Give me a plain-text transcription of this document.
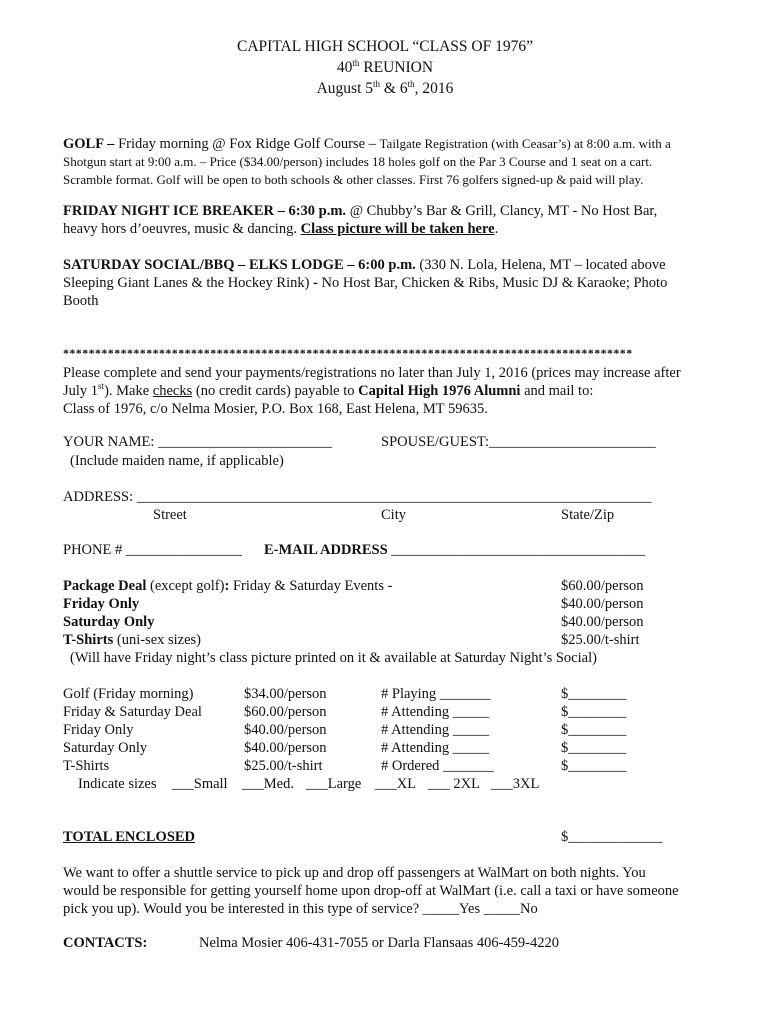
CAPITAL HIGH SCHOOL “CLASS OF 1976”
40th REUNION
August 5th & 6th, 2016
GOLF – Friday morning @ Fox Ridge Golf Course – Tailgate Registration (with Ceasar’s) at 8:00 a.m. with a
Shotgun start at 9:00 a.m. – Price ($34.00/person) includes 18 holes golf on the Par 3 Course and 1 seat on a cart.
Scramble format. Golf will be open to both schools & other classes. First 76 golfers signed-up & paid will play.
FRIDAY NIGHT ICE BREAKER – 6:30 p.m. @ Chubby’s Bar & Grill, Clancy, MT - No Host Bar,
heavy hors d’oeuvres, music & dancing. Class picture will be taken here.
SATURDAY SOCIAL/BBQ – ELKS LODGE – 6:00 p.m. (330 N. Lola, Helena, MT – located above
Sleeping Giant Lanes & the Hockey Rink) - No Host Bar, Chicken & Ribs, Music DJ & Karaoke; Photo
Booth
*****************************************************************************************
Please complete and send your payments/registrations no later than July 1, 2016 (prices may increase after
July 1st). Make checks (no credit cards) payable to Capital High 1976 Alumni and mail to:
Class of 1976, c/o Nelma Mosier, P.O. Box 168, East Helena, MT 59635.
YOUR NAME: ________________________	SPOUSE/GUEST:_______________________
(Include maiden name, if applicable)
ADDRESS: _______________________________________________________________________
Street	City	State/Zip
PHONE # ________________ E-MAIL ADDRESS ___________________________________
Package Deal (except golf): Friday & Saturday Events -	$60.00/person
Friday Only	$40.00/person
Saturday Only	$40.00/person
T-Shirts (uni-sex sizes)	$25.00/t-shirt
(Will have Friday night’s class picture printed on it & available at Saturday Night’s Social)
Golf (Friday morning)	$34.00/person	# Playing _______	$________
Friday & Saturday Deal	$60.00/person	# Attending _____	$________
Friday Only	$40.00/person	# Attending _____	$________
Saturday Only	$40.00/person	# Attending _____	$________
T-Shirts	$25.00/t-shirt	# Ordered _______	$________
Indicate sizes ___Small ___Med. ___Large ___XL ___ 2XL ___3XL
TOTAL ENCLOSED	$_____________
We want to offer a shuttle service to pick up and drop off passengers at WalMart on both nights. You
would be responsible for getting yourself home upon drop-off at WalMart (i.e. call a taxi or have someone
pick you up). Would you be interested in this type of service? _____Yes _____No
CONTACTS:	Nelma Mosier 406-431-7055 or Darla Flansaas 406-459-4220
